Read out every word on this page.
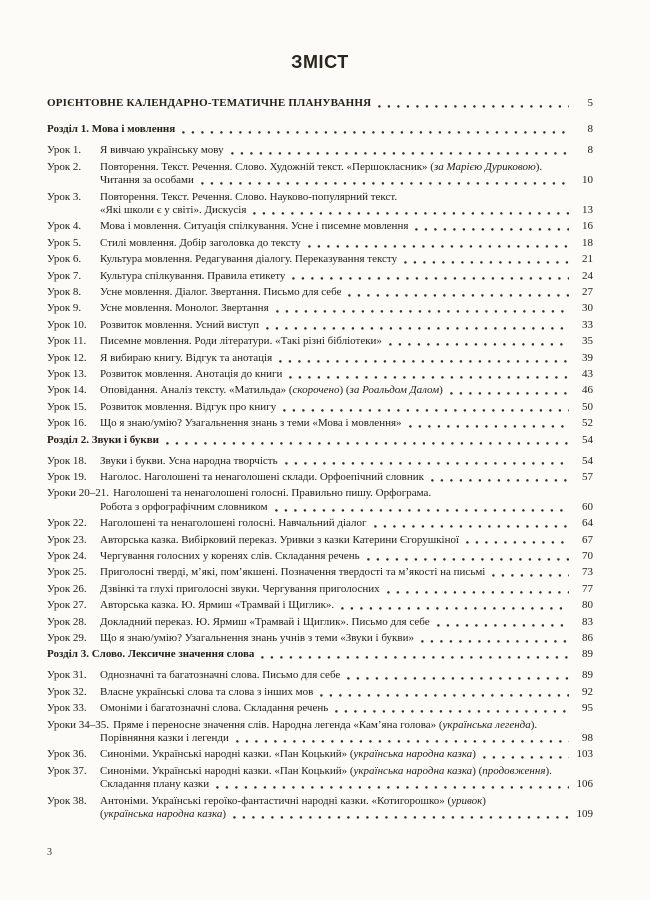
ЗМІСТ
ОРІЄНТОВНЕ КАЛЕНДАРНО-ТЕМАТИЧНЕ ПЛАНУВАННЯ	5
Розділ 1. Мова і мовлення	8
Урок 1.	Я вивчаю українську мову	8
Урок 2.	Повторення. Текст. Речення. Слово. Художній текст. «Першокласник» (за Марією Дуриковою).
Читання за особами	10
Урок 3.	Повторення. Текст. Речення. Слово. Науково-популярний текст.
«Які школи є у світі». Дискусія	13
Урок 4.	Мова і мовлення. Ситуація спілкування. Усне і писемне мовлення	16
Урок 5.	Стилі мовлення. Добір заголовка до тексту	18
Урок 6.	Культура мовлення. Редагування діалогу. Переказування тексту	21
Урок 7.	Культура спілкування. Правила етикету	24
Урок 8.	Усне мовлення. Діалог. Звертання. Письмо для себе	27
Урок 9.	Усне мовлення. Монолог. Звертання	30
Урок 10.	Розвиток мовлення. Усний виступ	33
Урок 11.	Писемне мовлення. Роди літератури. «Такі різні бібліотеки»	35
Урок 12.	Я вибираю книгу. Відгук та анотація	39
Урок 13.	Розвиток мовлення. Анотація до книги	43
Урок 14.	Оповідання. Аналіз тексту. «Матильда» (скорочено) (за Роальдом Далом)	46
Урок 15.	Розвиток мовлення. Відгук про книгу	50
Урок 16.	Що я знаю/умію? Узагальнення знань з теми «Мова і мовлення»	52
Розділ 2. Звуки і букви	54
Урок 18.	Звуки і букви. Усна народна творчість	54
Урок 19.	Наголос. Наголошені та ненаголошені склади. Орфоепічний словник	57
Уроки 20–21. Наголошені та ненаголошені голосні. Правильно пишу. Орфограма.
Робота з орфографічним словником	60
Урок 22.	Наголошені та ненаголошені голосні. Навчальний діалог	64
Урок 23.	Авторська казка. Вибірковий переказ. Уривки з казки Катерини Єгорушкіної	67
Урок 24.	Чергування голосних у коренях слів. Складання речень	70
Урок 25.	Приголосні тверді, м’які, пом’якшені. Позначення твердості та м’якості на письмі	73
Урок 26.	Дзвінкі та глухі приголосні звуки. Чергування приголосних	77
Урок 27.	Авторська казка. Ю. Ярмиш «Трамвай і Щиглик».	80
Урок 28.	Докладний переказ. Ю. Ярмиш «Трамвай і Щиглик». Письмо для себе	83
Урок 29.	Що я знаю/умію? Узагальнення знань учнів з теми «Звуки і букви»	86
Розділ 3. Слово. Лексичне значення слова	89
Урок 31.	Однозначні та багатозначні слова. Письмо для себе	89
Урок 32.	Власне українські слова та слова з інших мов	92
Урок 33.	Омоніми і багатозначні слова. Складання речень	95
Уроки 34–35. Пряме і переносне значення слів. Народна легенда «Кам’яна голова» (українська легенда).
Порівняння казки і легенди	98
Урок 36.	Синоніми. Українські народні казки. «Пан Коцький» (українська народна казка)	103
Урок 37.	Синоніми. Українські народні казки. «Пан Коцький» (українська народна казка) (продовження).
Складання плану казки	106
Урок 38.	Антоніми. Українські героїко-фантастичні народні казки. «Котигорошко» (уривок)
(українська народна казка)	109
3
